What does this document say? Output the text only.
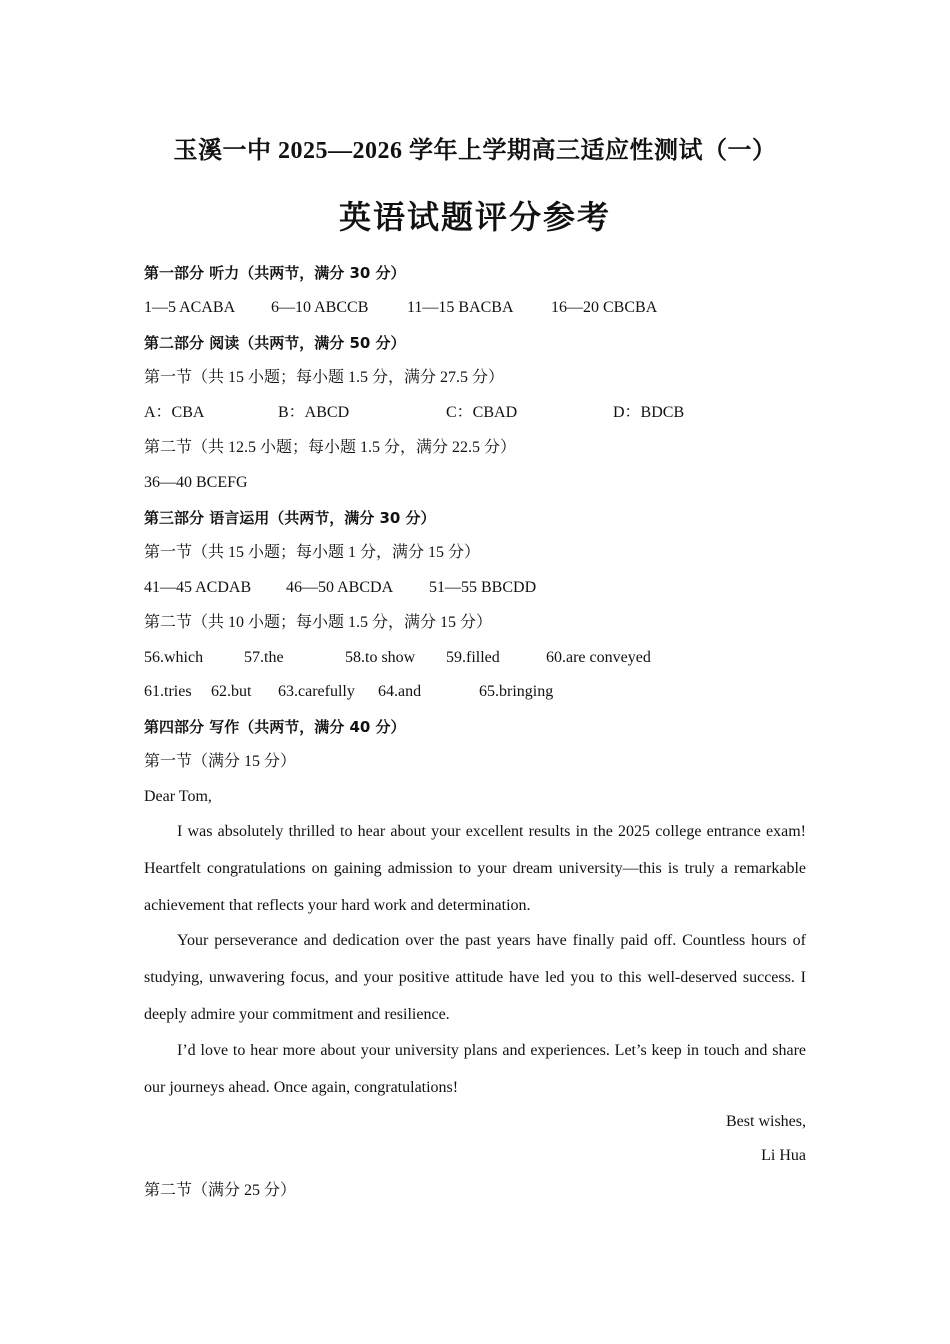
玉溪一中 2025—2026 学年上学期高三适应性测试（一）
英语试题评分参考
第一部分 听力（共两节，满分 30 分）
1—5 ACABA 6—10 ABCCB 11—15 BACBA 16—20 CBCBA
第二部分 阅读（共两节，满分 50 分）
第一节（共 15 小题；每小题 1.5 分，满分 27.5 分）
A：CBA	B：ABCD	C：CBAD	D：BDCB
第二节（共 12.5 小题；每小题 1.5 分，满分 22.5 分）
36—40 BCEFG
第三部分 语言运用（共两节，满分 30 分）
第一节（共 15 小题；每小题 1 分，满分 15 分）
41—45 ACDAB 46—50 ABCDA 51—55 BBCDD
第二节（共 10 小题；每小题 1.5 分，满分 15 分）
56.which	57.the	58.to show 59.filled	60.are conveyed
61.tries 62.but 63.carefully 64.and	65.bringing
第四部分 写作（共两节，满分 40 分）
第一节（满分 15 分）
Dear Tom,
I was absolutely thrilled to hear about your excellent results in the 2025 college entrance exam! Heartfelt congratulations on gaining admission to your dream university—this is truly a remarkable achievement that reflects your hard work and determination.
Your perseverance and dedication over the past years have finally paid off. Countless hours of studying, unwavering focus, and your positive attitude have led you to this well-deserved success. I deeply admire your commitment and resilience.
I’d love to hear more about your university plans and experiences. Let’s keep in touch and share our journeys ahead. Once again, congratulations!
Best wishes,
Li Hua
第二节（满分 25 分）
